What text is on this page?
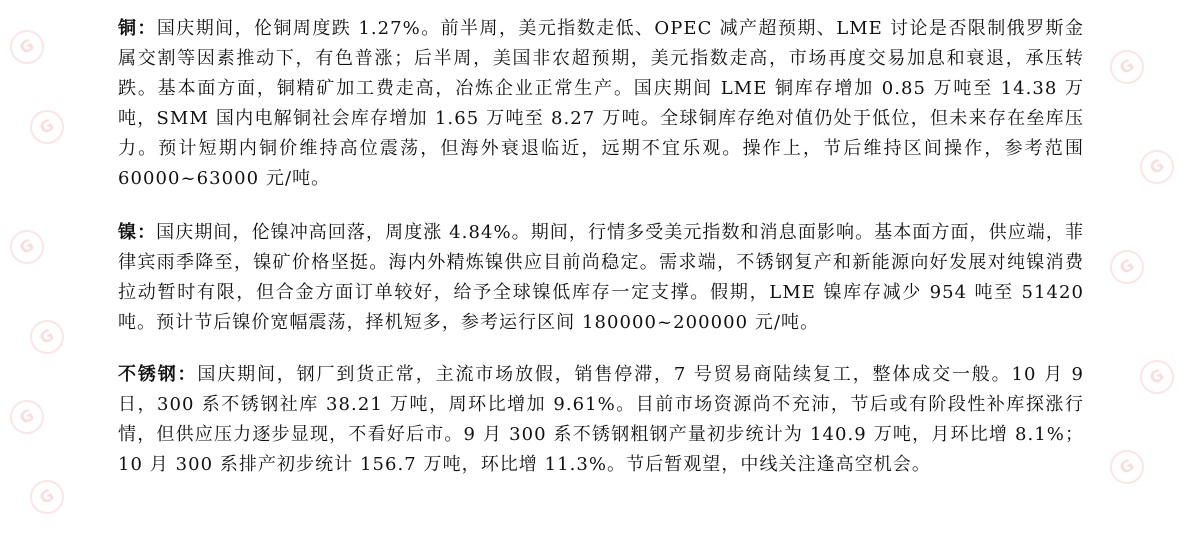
G
G
G
G
G
G
G
G
G
G
G

铜：国庆期间，伦铜周度跌 1.27%。前半周，美元指数走低、OPEC 减产超预期、LME 讨论是否限制俄罗斯金属交割等因素推动下，有色普涨；后半周，美国非农超预期，美元指数走高，市场再度交易加息和衰退，承压转跌。基本面方面，铜精矿加工费走高，冶炼企业正常生产。国庆期间 LME 铜库存增加 0.85 万吨至 14.38 万吨，SMM 国内电解铜社会库存增加 1.65 万吨至 8.27 万吨。全球铜库存绝对值仍处于低位，但未来存在垒库压力。预计短期内铜价维持高位震荡，但海外衰退临近，远期不宜乐观。操作上，节后维持区间操作，参考范围 60000~63000 元/吨。

镍：国庆期间，伦镍冲高回落，周度涨 4.84%。期间，行情多受美元指数和消息面影响。基本面方面，供应端，菲律宾雨季降至，镍矿价格坚挺。海内外精炼镍供应目前尚稳定。需求端，不锈钢复产和新能源向好发展对纯镍消费拉动暂时有限，但合金方面订单较好，给予全球镍低库存一定支撑。假期，LME 镍库存减少 954 吨至 51420 吨。预计节后镍价宽幅震荡，择机短多，参考运行区间 180000~200000 元/吨。

不锈钢：国庆期间，钢厂到货正常，主流市场放假，销售停滞，7 号贸易商陆续复工，整体成交一般。10 月 9 日，300 系不锈钢社库 38.21 万吨，周环比增加 9.61%。目前市场资源尚不充沛，节后或有阶段性补库探涨行情，但供应压力逐步显现，不看好后市。9 月 300 系不锈钢粗钢产量初步统计为 140.9 万吨，月环比增 8.1%；10 月 300 系排产初步统计 156.7 万吨，环比增 11.3%。节后暂观望，中线关注逢高空机会。
